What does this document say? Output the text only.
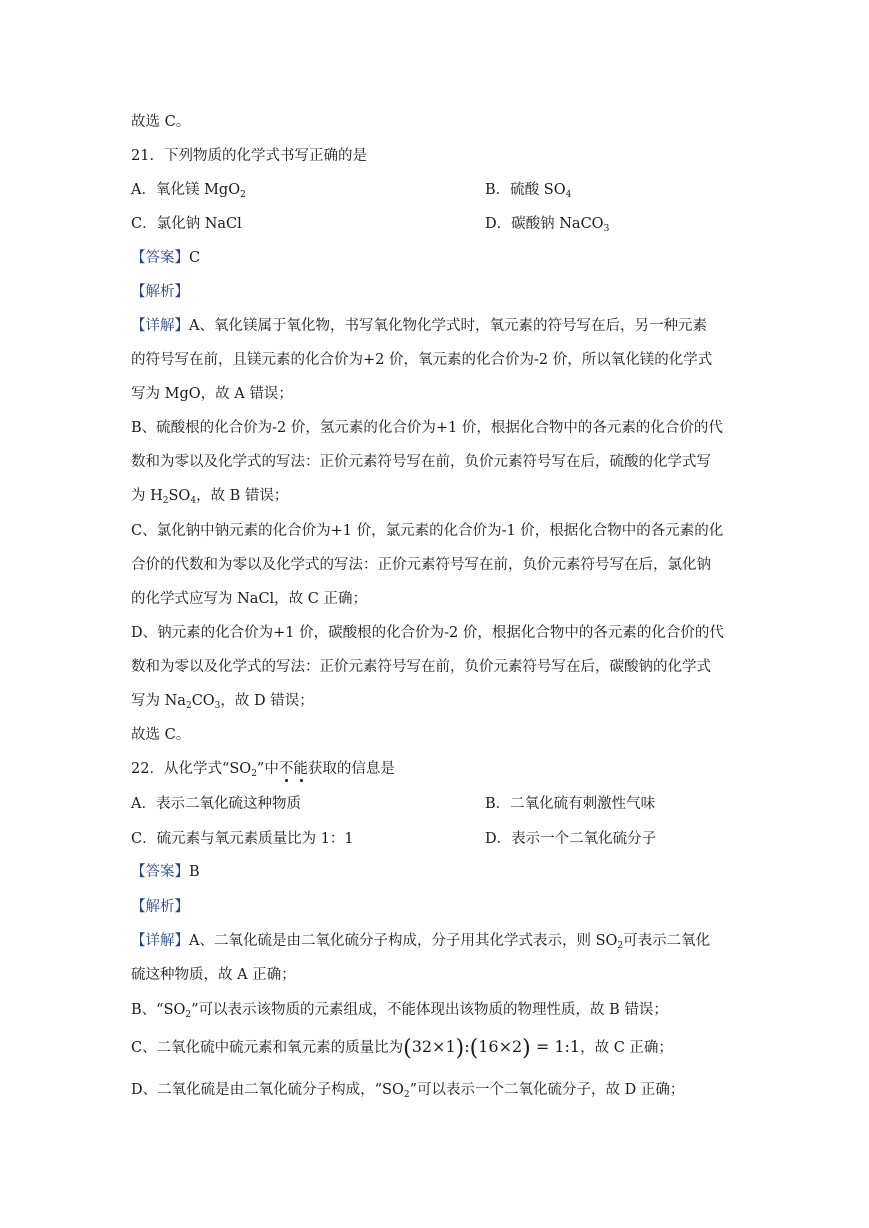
故选 C。
21．下列物质的化学式书写正确的是
A．氧化镁 MgO$_2$	B．硫酸 $SO_4$
C．氯化钠 NaCl	D．碳酸钠 NaCO$_3$
【答案】C
【解析】
【详解】A、氧化镁属于氧化物，书写氧化物化学式时，氧元素的符号写在后，另一种元素
的符号写在前，且镁元素的化合价为+2 价，氧元素的化合价为-2 价，所以氧化镁的化学式
写为 MgO，故 A 错误；
B、硫酸根的化合价为-2 价，氢元素的化合价为+1 价，根据化合物中的各元素的化合价的代
数和为零以及化学式的写法：正价元素符号写在前，负价元素符号写在后，硫酸的化学式写
为 $H_2SO_4$，故 B 错误；
C、氯化钠中钠元素的化合价为+1 价，氯元素的化合价为-1 价，根据化合物中的各元素的化
合价的代数和为零以及化学式的写法：正价元素符号写在前，负价元素符号写在后，氯化钠
的化学式应写为 NaCl，故 C 正确；
D、钠元素的化合价为+1 价，碳酸根的化合价为-2 价，根据化合物中的各元素的化合价的代
数和为零以及化学式的写法：正价元素符号写在前，负价元素符号写在后，碳酸钠的化学式
写为 $Na_2CO_3$，故 D 错误；
故选 C。
22．从化学式“$SO_2$”中不能获取的信息是
A．表示二氧化硫这种物质	B．二氧化硫有刺激性气味
C．硫元素与氧元素质量比为 1：1	D．表示一个二氧化硫分子
【答案】B
【解析】
【详解】A、二氧化硫是由二氧化硫分子构成，分子用其化学式表示，则 $SO_2$可表示二氧化
硫这种物质，故 A 正确；
B、“$SO_2$”可以表示该物质的元素组成，不能体现出该物质的物理性质，故 B 错误；
C、二氧化硫中硫元素和氧元素的质量比为(32×1):(16×2) = 1:1，故 C 正确；
D、二氧化硫是由二氧化硫分子构成，“$SO_2$”可以表示一个二氧化硫分子，故 D 正确；
